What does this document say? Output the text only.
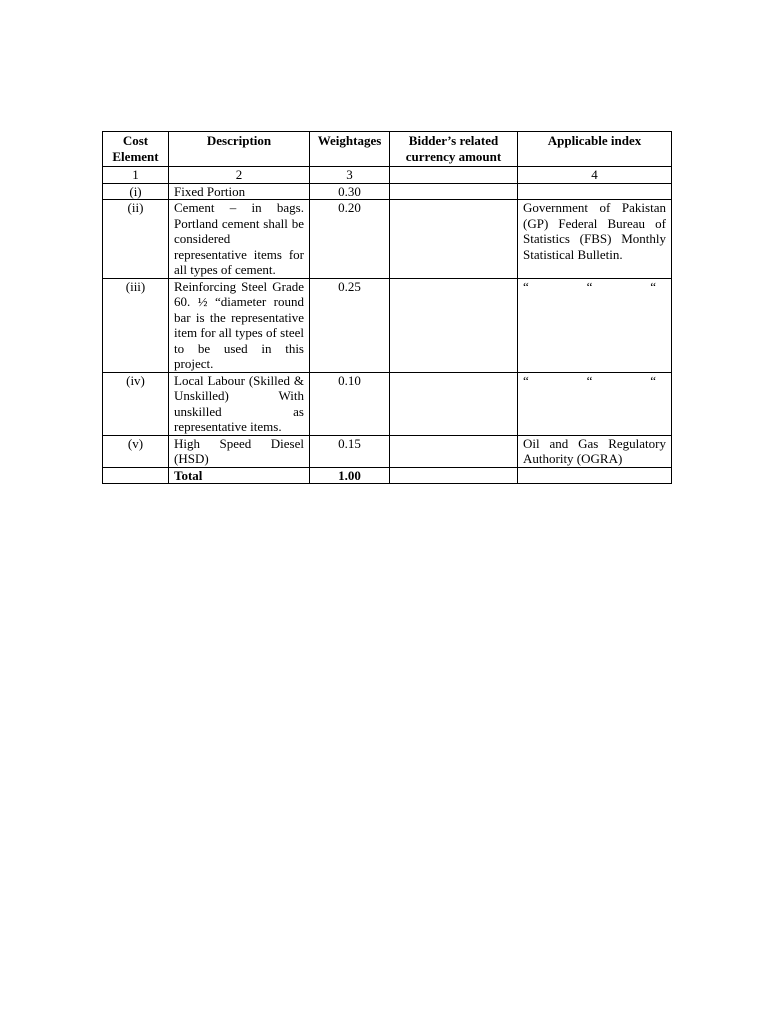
Cost Element	Description	Weightages	Bidder’s related currency amount	Applicable index
1	2	3		4
(i)	Fixed Portion	0.30		
(ii)	Cement – in bags. Portland cement shall be considered representative items for all types of cement.	0.20		Government of Pakistan (GP) Federal Bureau of Statistics (FBS) Monthly Statistical Bulletin.
(iii)	Reinforcing Steel Grade 60. ½ “diameter round bar is the representative item for all types of steel to be used in this project.	0.25		“ “ “

(iv)	Local Labour (Skilled & Unskilled) With unskilled as representative items.	0.10		“ “ “

(v)	High Speed Diesel (HSD)	0.15		Oil and Gas Regulatory Authority (OGRA)
	Total	1.00		
